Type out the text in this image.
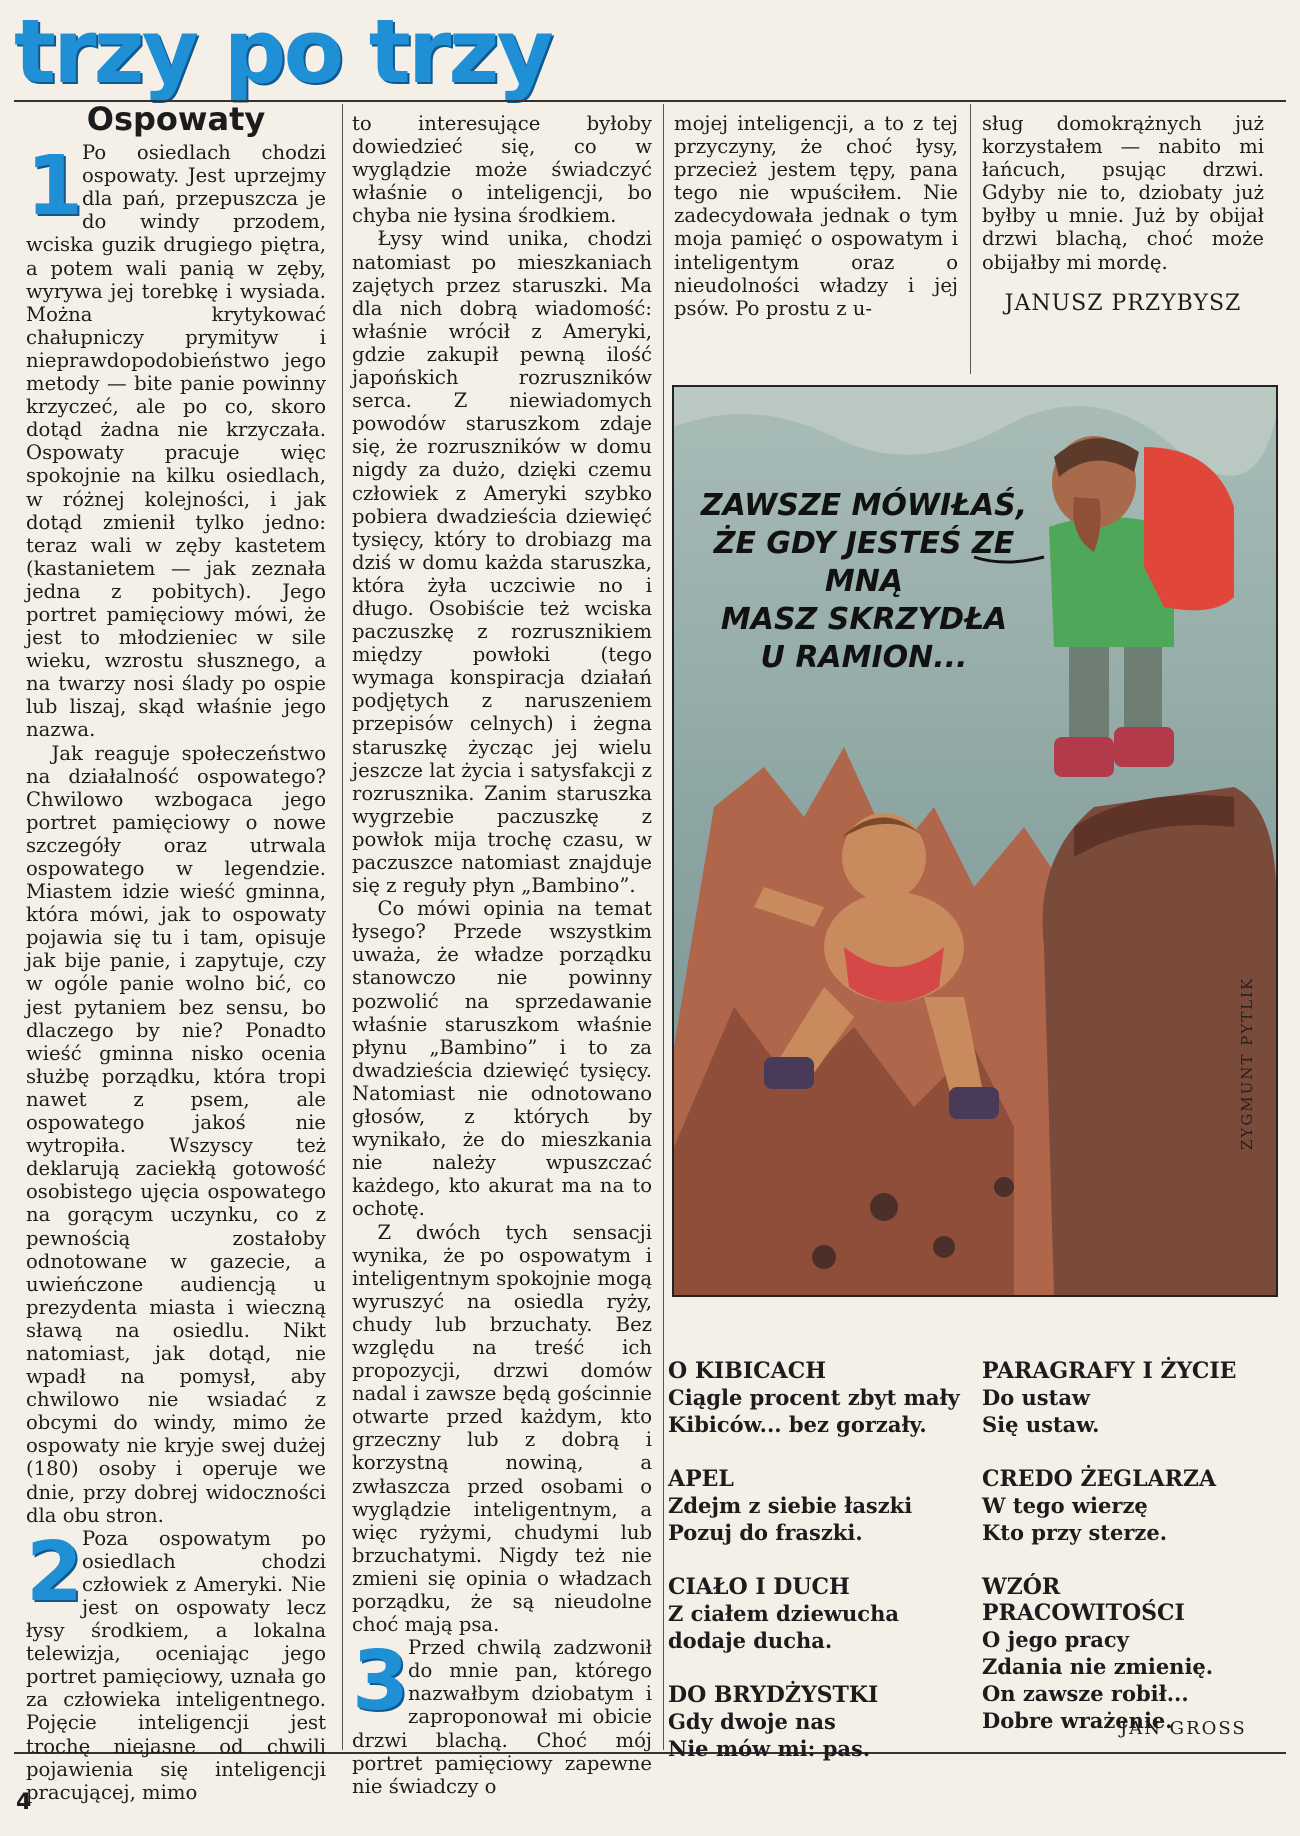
trzy po trzy
Ospowaty
1

Po osiedlach chodzi ospowaty. Jest uprzejmy dla pań, przepuszcza je do windy przodem, wciska guzik drugiego piętra, a potem wali panią w zęby, wyrywa jej torebkę i wysiada. Można krytykować chałupniczy prymityw i nieprawdopodobieństwo jego metody — bite panie powinny krzyczeć, ale po co, skoro dotąd żadna nie krzyczała. Ospowaty pracuje więc spokojnie na kilku osiedlach, w różnej kolejności, i jak dotąd zmienił tylko jedno: teraz wali w zęby kastetem (kastanietem — jak zeznała jedna z pobitych). Jego portret pamięciowy mówi, że jest to młodzieniec w sile wieku, wzrostu słusznego, a na twarzy nosi ślady po ospie lub liszaj, skąd właśnie jego nazwa.

Jak reaguje społeczeństwo na działalność ospowatego? Chwilowo wzbogaca jego portret pamięciowy o nowe szczegóły oraz utrwala ospowatego w legendzie. Miastem idzie wieść gminna, która mówi, jak to ospowaty pojawia się tu i tam, opisuje jak bije panie, i zapytuje, czy w ogóle panie wolno bić, co jest pytaniem bez sensu, bo dlaczego by nie? Ponadto wieść gminna nisko ocenia służbę porządku, która tropi nawet z psem, ale ospowatego jakoś nie wytropiła. Wszyscy też deklarują zaciekłą gotowość osobistego ujęcia ospowatego na gorącym uczynku, co z pewnością zostałoby odnotowane w gazecie, a uwieńczone audiencją u prezydenta miasta i wieczną sławą na osiedlu. Nikt natomiast, jak dotąd, nie wpadł na pomysł, aby chwilowo nie wsiadać z obcymi do windy, mimo że ospowaty nie kryje swej dużej (180) osoby i operuje we dnie, przy dobrej widoczności dla obu stron.

2

Poza ospowatym po osiedlach chodzi człowiek z Ameryki. Nie jest on ospowaty lecz łysy środkiem, a lokalna telewizja, oceniając jego portret pamięciowy, uznała go za człowieka inteligentnego. Pojęcie inteligencji jest trochę niejasne od chwili pojawienia się inteligencji pracującej, mimo

to interesujące byłoby dowiedzieć się, co w wyglądzie może świadczyć właśnie o inteligencji, bo chyba nie łysina środkiem.

Łysy wind unika, chodzi natomiast po mieszkaniach zajętych przez staruszki. Ma dla nich dobrą wiadomość: właśnie wrócił z Ameryki, gdzie zakupił pewną ilość japońskich rozruszników serca. Z niewiadomych powodów staruszkom zdaje się, że rozruszników w domu nigdy za dużo, dzięki czemu człowiek z Ameryki szybko pobiera dwadzieścia dziewięć tysięcy, który to drobiazg ma dziś w domu każda staruszka, która żyła uczciwie no i długo. Osobiście też wciska paczuszkę z rozrusznikiem między powłoki (tego wymaga konspiracja działań podjętych z naruszeniem przepisów celnych) i żegna staruszkę życząc jej wielu jeszcze lat życia i satysfakcji z rozrusznika. Zanim staruszka wygrzebie paczuszkę z powłok mija trochę czasu, w paczuszce natomiast znajduje się z reguły płyn „Bambino”.

Co mówi opinia na temat łysego? Przede wszystkim uważa, że władze porządku stanowczo nie powinny pozwolić na sprzedawanie właśnie staruszkom właśnie płynu „Bambino” i to za dwadzieścia dziewięć tysięcy. Natomiast nie odnotowano głosów, z których by wynikało, że do mieszkania nie należy wpuszczać każdego, kto akurat ma na to ochotę.

Z dwóch tych sensacji wynika, że po ospowatym i inteligentnym spokojnie mogą wyruszyć na osiedla ryży, chudy lub brzuchaty. Bez względu na treść ich propozycji, drzwi domów nadal i zawsze będą gościnnie otwarte przed każdym, kto grzeczny lub z dobrą i korzystną nowiną, a zwłaszcza przed osobami o wyglądzie inteligentnym, a więc ryżymi, chudymi lub brzuchatymi. Nigdy też nie zmieni się opinia o władzach porządku, że są nieudolne choć mają psa.

3

Przed chwilą zadzwonił do mnie pan, którego nazwałbym dziobatym i zaproponował mi obicie drzwi blachą. Choć mój portret pamięciowy zapewne nie świadczy o

mojej inteligencji, a to z tej przyczyny, że choć łysy, przecież jestem tępy, pana tego nie wpuściłem. Nie zadecydowała jednak o tym moja pamięć o ospowatym i inteligentym oraz o nieudolności władzy i jej psów. Po prostu z u-

sług domokrążnych już korzystałem — nabito mi łańcuch, psując drzwi. Gdyby nie to, dziobaty już byłby u mnie. Już by obijał drzwi blachą, choć może obijałby mi mordę.

JANUSZ PRZYBYSZ
ZAWSZE MÓWIŁAŚ,
ŻE GDY JESTEŚ ZE MNĄ
MASZ SKRZYDŁA
U RAMION...
ZYGMUNT PYTLIK
O KIBICACH
Ciągle procent zbyt mały
Kibiców... bez gorzały.
APEL
Zdejm z siebie łaszki
Pozuj do fraszki.
CIAŁO I DUCH
Z ciałem dziewucha
dodaje ducha.
DO BRYDŻYSTKI
Gdy dwoje nas
Nie mów mi: pas.
PARAGRAFY I ŻYCIE
Do ustaw
Się ustaw.
CREDO ŻEGLARZA
W tego wierzę
Kto przy sterze.
WZÓR PRACOWITOŚCI
O jego pracy
Zdania nie zmienię.
On zawsze robił...
Dobre wrażenie.
JAN GROSS
4
